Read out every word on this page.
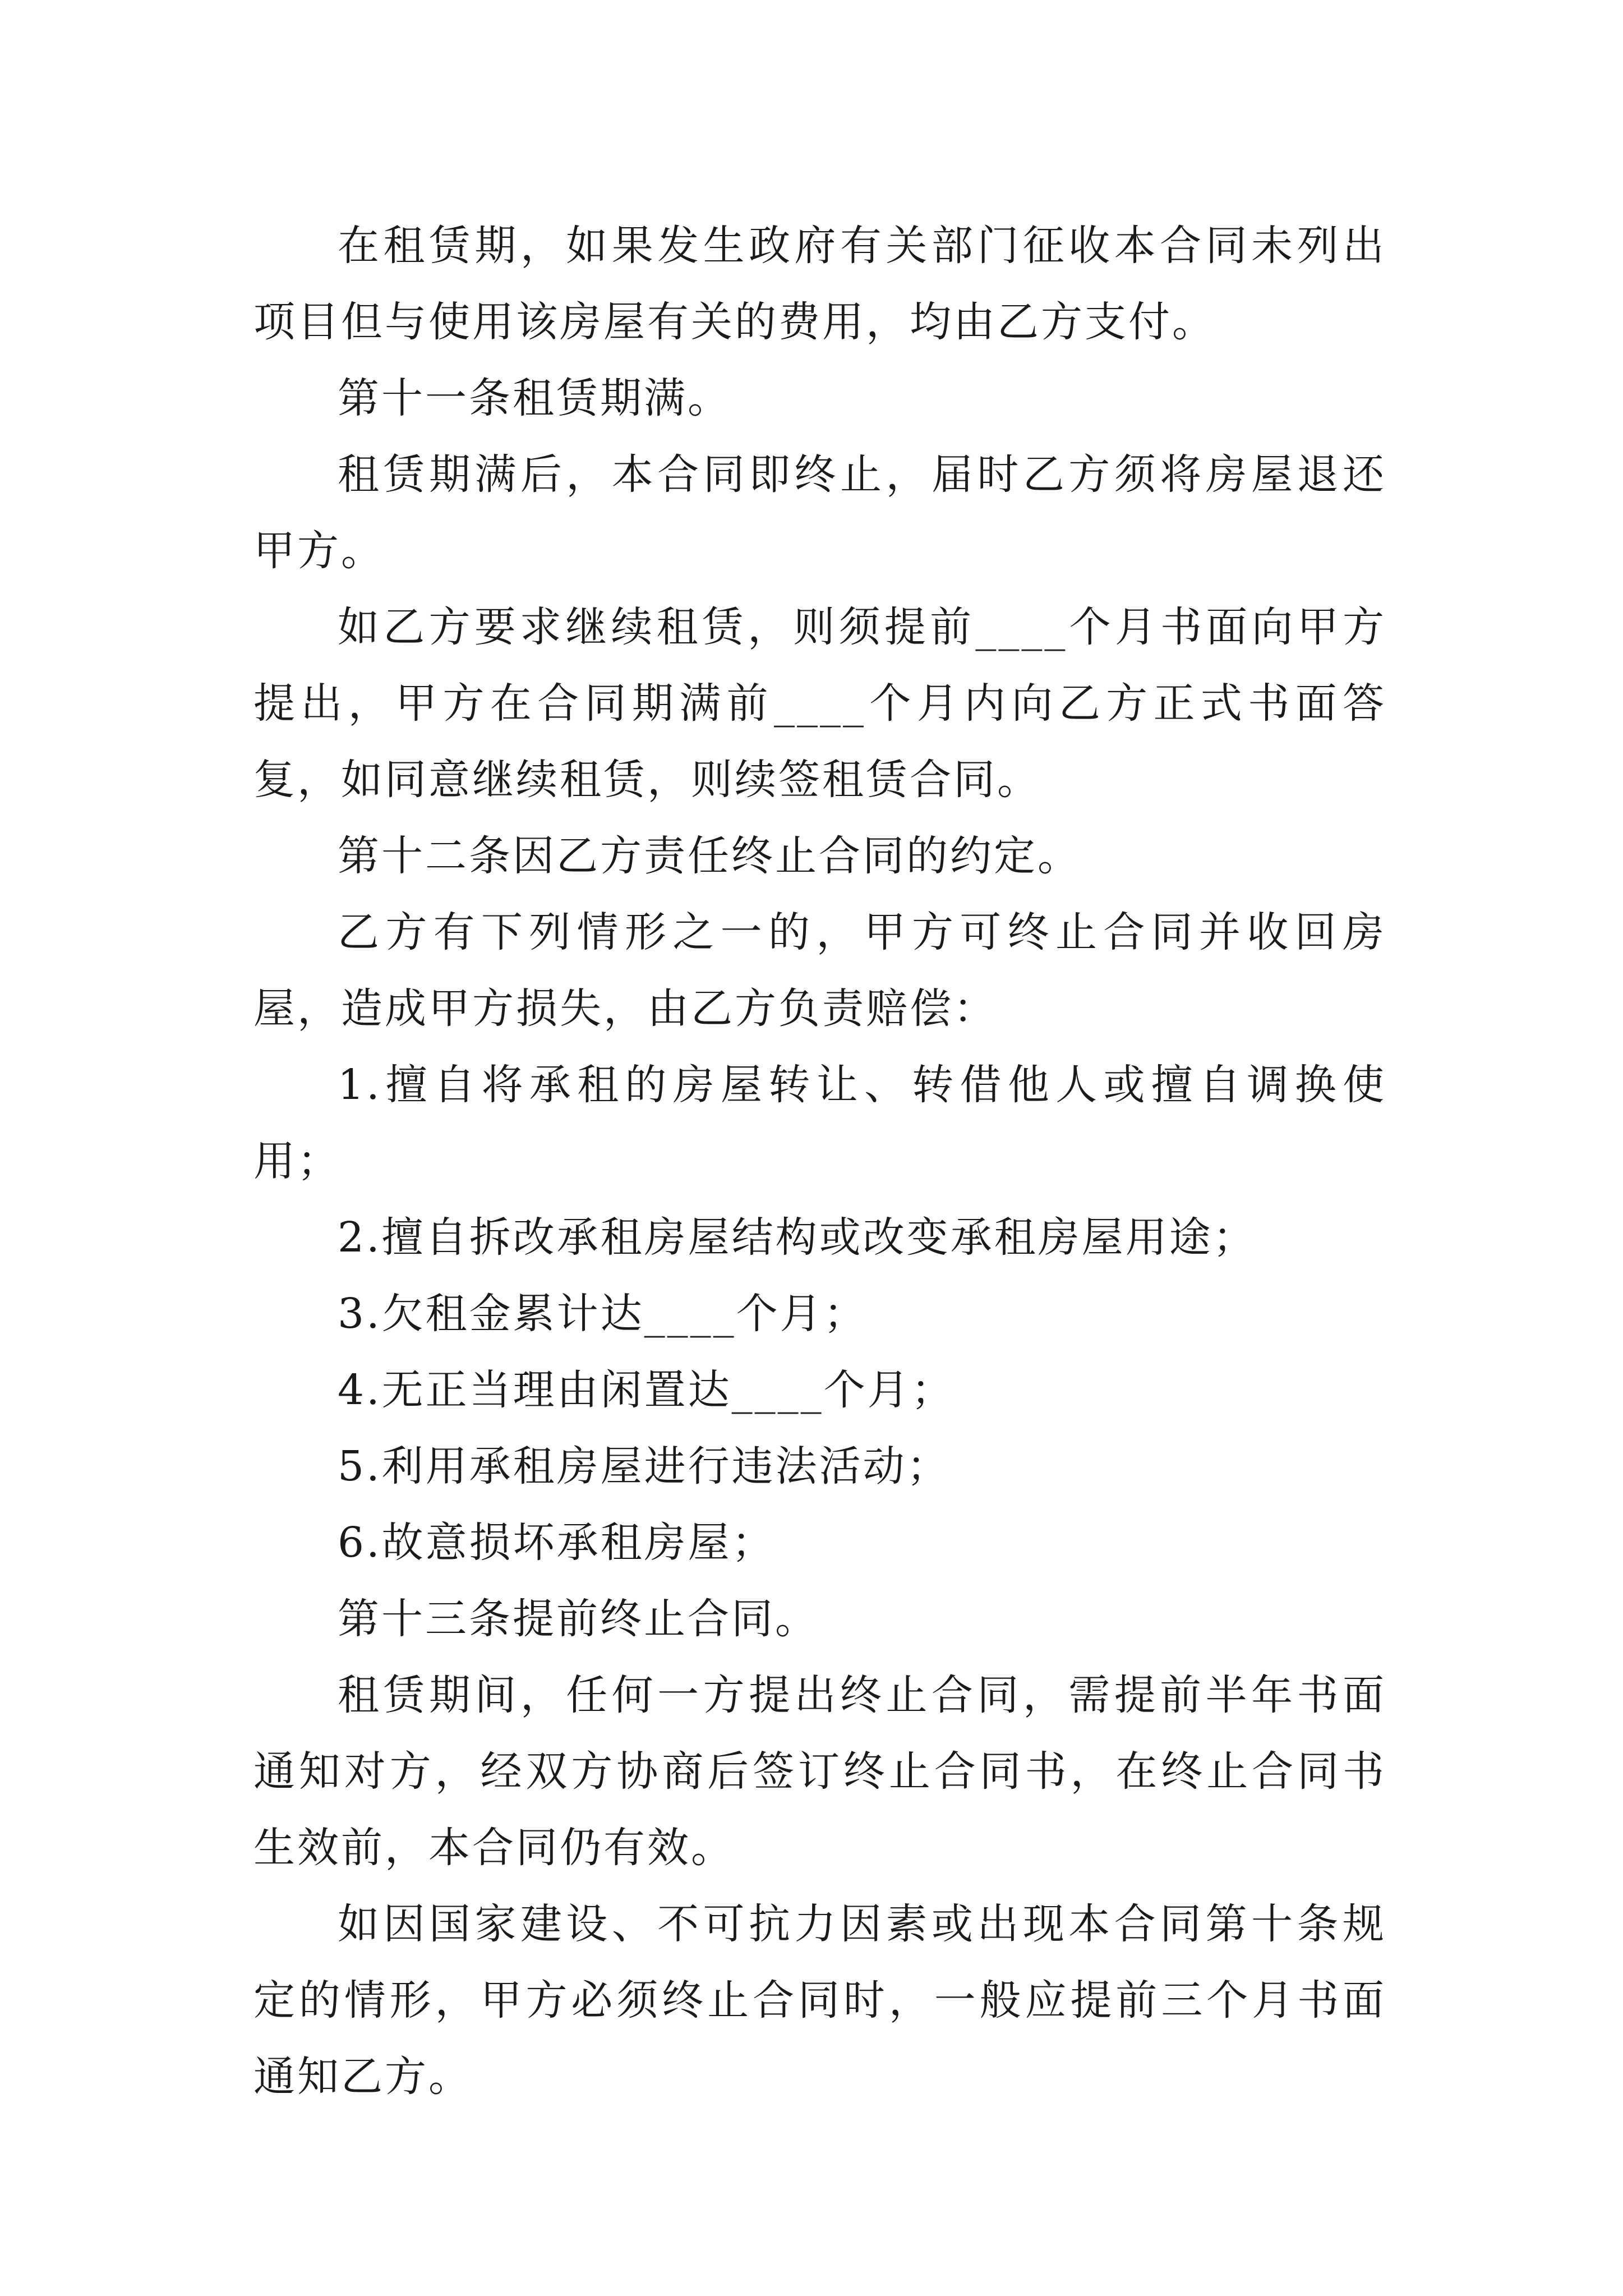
在租赁期，如果发生政府有关部门征收本合同未列出项目但与使用该房屋有关的费用，均由乙方支付。

第十一条租赁期满。

租赁期满后，本合同即终止，届时乙方须将房屋退还甲方。

如乙方要求继续租赁，则须提前____个月书面向甲方提出，甲方在合同期满前____个月内向乙方正式书面答复，如同意继续租赁，则续签租赁合同。

第十二条因乙方责任终止合同的约定。

乙方有下列情形之一的，甲方可终止合同并收回房屋，造成甲方损失，由乙方负责赔偿：

1.擅自将承租的房屋转让、转借他人或擅自调换使用；

2.擅自拆改承租房屋结构或改变承租房屋用途；

3.欠租金累计达____个月；

4.无正当理由闲置达____个月；

5.利用承租房屋进行违法活动；

6.故意损坏承租房屋；

第十三条提前终止合同。

租赁期间，任何一方提出终止合同，需提前半年书面通知对方，经双方协商后签订终止合同书，在终止合同书生效前，本合同仍有效。

如因国家建设、不可抗力因素或出现本合同第十条规定的情形，甲方必须终止合同时，一般应提前三个月书面通知乙方。
